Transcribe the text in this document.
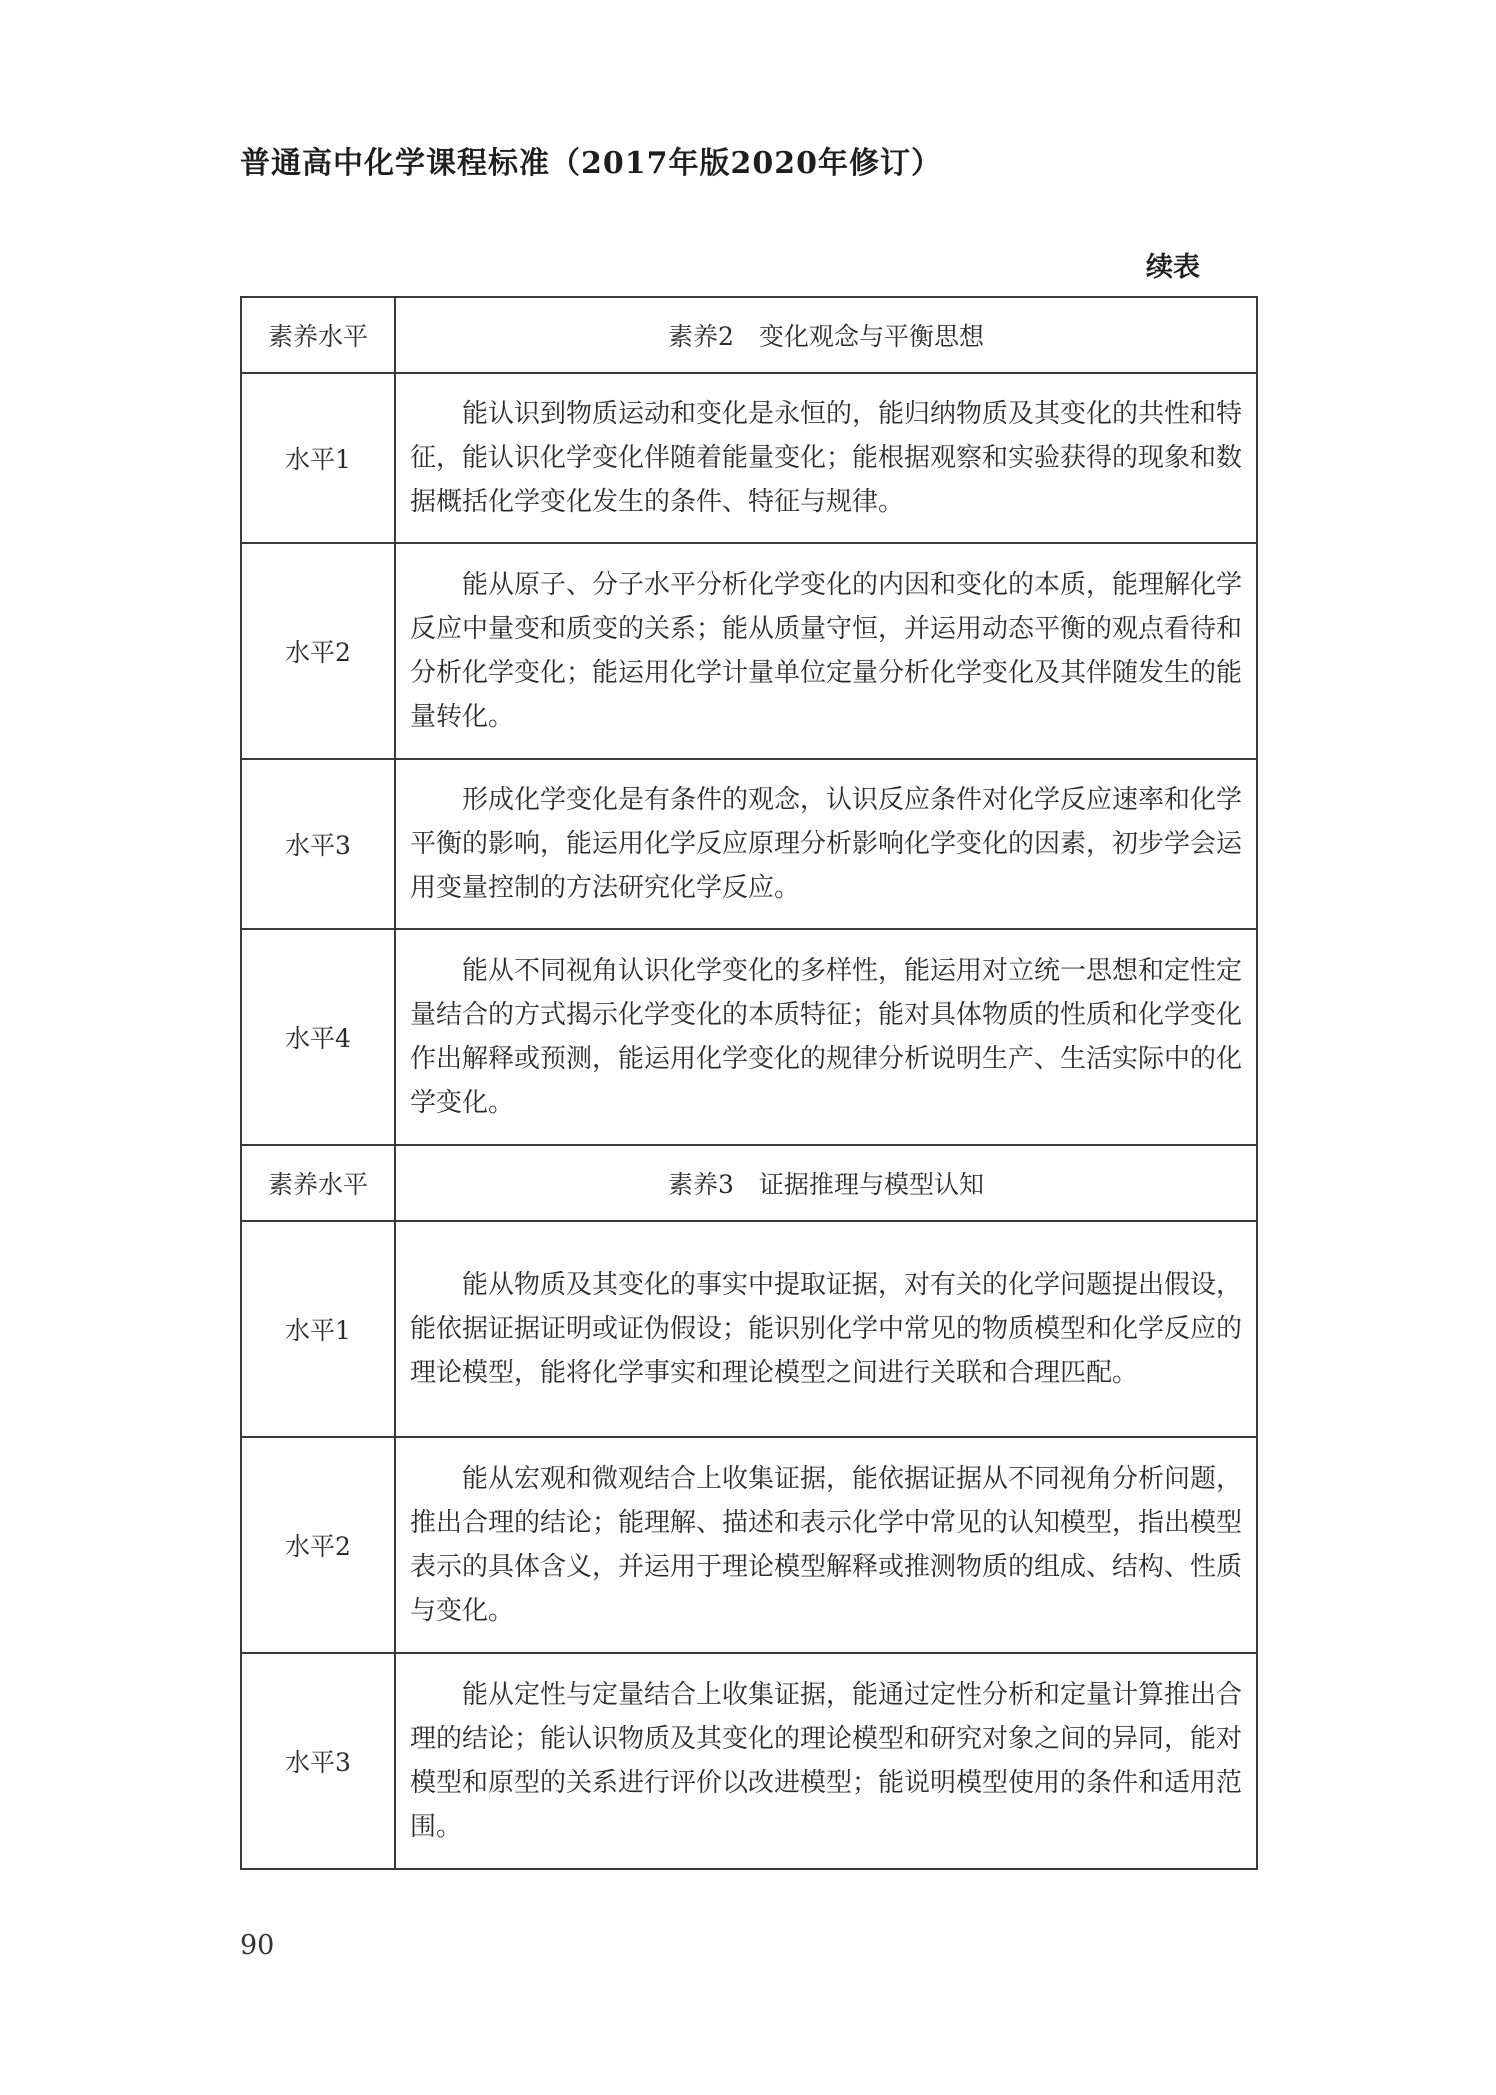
普通高中化学课程标准（2017年版2020年修订）
续表
素养水平	素养2　变化观念与平衡思想
水平1	能认识到物质运动和变化是永恒的，能归纳物质及其变化的共性和特征，能认识化学变化伴随着能量变化；能根据观察和实验获得的现象和数据概括化学变化发生的条件、特征与规律。
水平2	能从原子、分子水平分析化学变化的内因和变化的本质，能理解化学反应中量变和质变的关系；能从质量守恒，并运用动态平衡的观点看待和分析化学变化；能运用化学计量单位定量分析化学变化及其伴随发生的能量转化。
水平3	形成化学变化是有条件的观念，认识反应条件对化学反应速率和化学平衡的影响，能运用化学反应原理分析影响化学变化的因素，初步学会运用变量控制的方法研究化学反应。
水平4	能从不同视角认识化学变化的多样性，能运用对立统一思想和定性定量结合的方式揭示化学变化的本质特征；能对具体物质的性质和化学变化作出解释或预测，能运用化学变化的规律分析说明生产、生活实际中的化学变化。
素养水平	素养3　证据推理与模型认知
水平1	能从物质及其变化的事实中提取证据，对有关的化学问题提出假设，能依据证据证明或证伪假设；能识别化学中常见的物质模型和化学反应的理论模型，能将化学事实和理论模型之间进行关联和合理匹配。
水平2	能从宏观和微观结合上收集证据，能依据证据从不同视角分析问题，推出合理的结论；能理解、描述和表示化学中常见的认知模型，指出模型表示的具体含义，并运用于理论模型解释或推测物质的组成、结构、性质与变化。
水平3	能从定性与定量结合上收集证据，能通过定性分析和定量计算推出合理的结论；能认识物质及其变化的理论模型和研究对象之间的异同，能对模型和原型的关系进行评价以改进模型；能说明模型使用的条件和适用范围。
90
